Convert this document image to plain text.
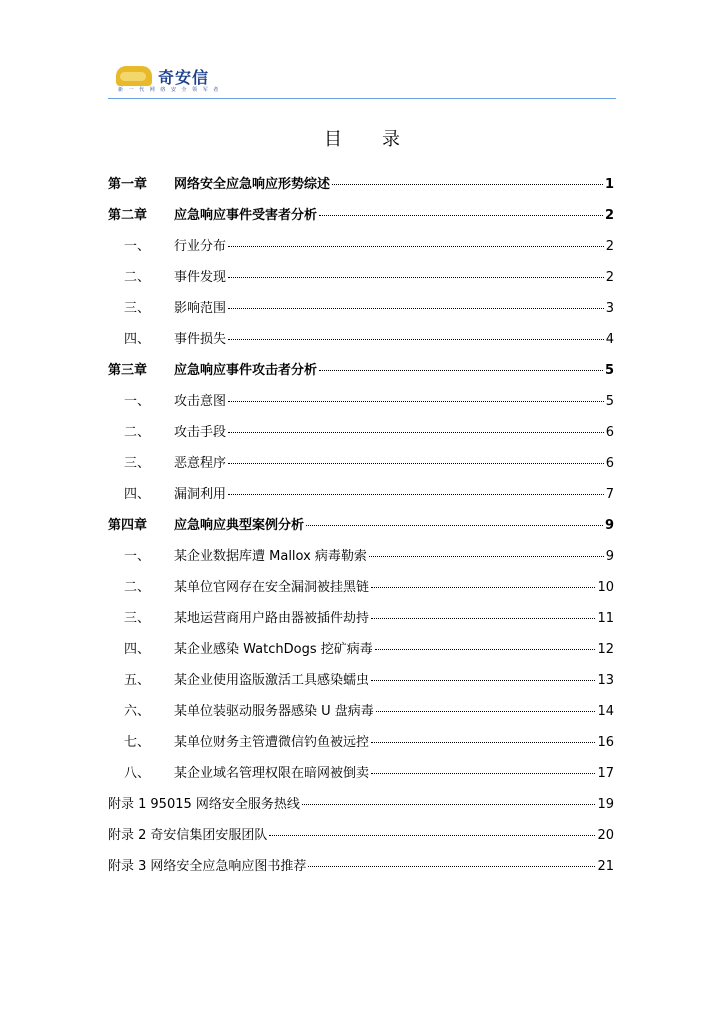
奇安信
新 一 代 网 络 安 全 领 军 者
目录
第一章	网络安全应急响应形势综述	1
第二章	应急响应事件受害者分析	2
一、	行业分布	2
二、	事件发现	2
三、	影响范围	3
四、	事件损失	4
第三章	应急响应事件攻击者分析	5
一、	攻击意图	5
二、	攻击手段	6
三、	恶意程序	6
四、	漏洞利用	7
第四章	应急响应典型案例分析	9
一、	某企业数据库遭 Mallox 病毒勒索	9
二、	某单位官网存在安全漏洞被挂黑链	10
三、	某地运营商用户路由器被插件劫持	11
四、	某企业感染 WatchDogs 挖矿病毒	12
五、	某企业使用盗版激活工具感染蠕虫	13
六、	某单位装驱动服务器感染 U 盘病毒	14
七、	某单位财务主管遭微信钓鱼被远控	16
八、	某企业域名管理权限在暗网被倒卖	17
附录 1 95015 网络安全服务热线	19
附录 2 奇安信集团安服团队	20
附录 3 网络安全应急响应图书推荐	21
